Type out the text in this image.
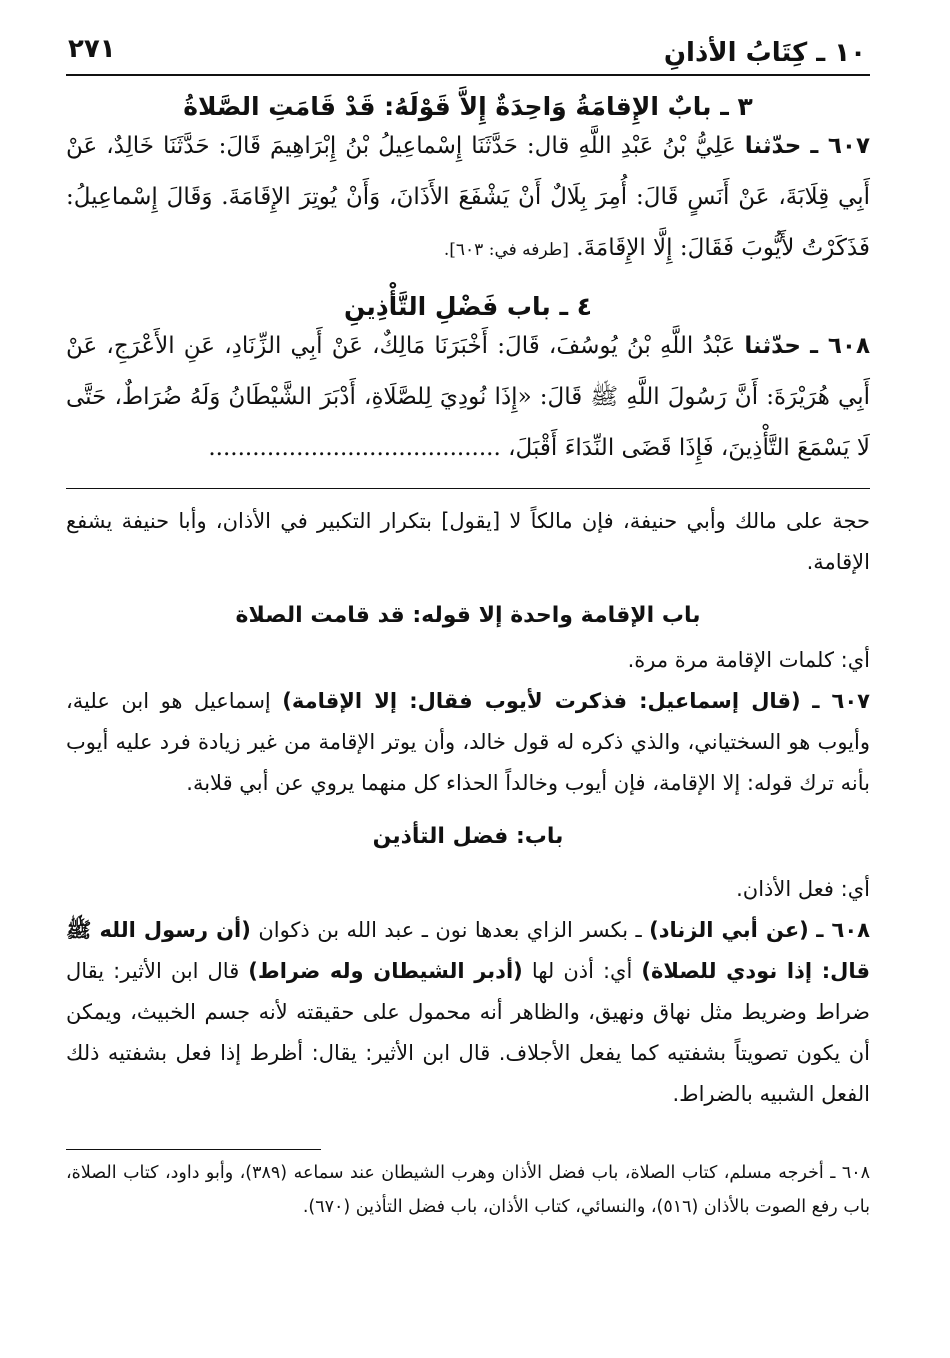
١٠ ـ كِتَابُ الأذانِ
٢٧١
٣ ـ بابٌ الإِقامَةُ وَاحِدَةٌ إِلاَّ قَوْلَهُ: قَدْ قَامَتِ الصَّلاةُ

٦٠٧ ـ حدّثنا عَلِيُّ بْنُ عَبْدِ اللَّهِ قال: حَدَّثَنَا إِسْماعِيلُ بْنُ إِبْرَاهِيمَ قَالَ: حَدَّثَنَا خَالِدٌ، عَنْ أَبِي قِلَابَةَ، عَنْ أَنَسٍ قَالَ: أُمِرَ بِلَالٌ أَنْ يَشْفَعَ الأَذَانَ، وَأَنْ يُوتِرَ الإِقَامَةَ. وَقَالَ إِسْماعِيلُ: فَذَكَرْتُ لأَيُّوبَ فَقَالَ: إِلَّا الإِقَامَةَ. [طرفه في: ٦٠٣].

٤ ـ باب فَضْلِ التَّأْذِينِ

٦٠٨ ـ حدّثنا عَبْدُ اللَّهِ بْنُ يُوسُفَ، قَالَ: أَخْبَرَنَا مَالِكٌ، عَنْ أَبِي الزِّنَادِ، عَنِ الأَعْرَجِ، عَنْ أَبِي هُرَيْرَةَ: أَنَّ رَسُولَ اللَّهِ ﷺ قَالَ: «إِذَا نُودِيَ لِلصَّلَاةِ، أَدْبَرَ الشَّيْطَانُ وَلَهُ ضُرَاطٌ، حَتَّى لَا يَسْمَعَ التَّأْذِينَ، فَإِذَا قَضَى النِّدَاءَ أَقْبَلَ، ........................................

حجة على مالك وأبي حنيفة، فإن مالكاً لا [يقول] بتكرار التكبير في الأذان، وأبا حنيفة يشفع الإقامة.

باب الإقامة واحدة إلا قوله: قد قامت الصلاة

أي: كلمات الإقامة مرة مرة.

٦٠٧ ـ (قال إسماعيل: فذكرت لأيوب فقال: إلا الإقامة) إسماعيل هو ابن علية، وأيوب هو السختياني، والذي ذكره له قول خالد، وأن يوتر الإقامة من غير زيادة فرد عليه أيوب بأنه ترك قوله: إلا الإقامة، فإن أيوب وخالداً الحذاء كل منهما يروي عن أبي قلابة.

باب: فضل التأذين

أي: فعل الأذان.

٦٠٨ ـ (عن أبي الزناد) ـ بكسر الزاي بعدها نون ـ عبد الله بن ذكوان (أن رسول الله ﷺ قال: إذا نودي للصلاة) أي: أذن لها (أدبر الشيطان وله ضراط) قال ابن الأثير: يقال ضراط وضريط مثل نهاق ونهيق، والظاهر أنه محمول على حقيقته لأنه جسم الخبيث، ويمكن أن يكون تصويتاً بشفتيه كما يفعل الأجلاف. قال ابن الأثير: يقال: أظرط إذا فعل بشفتيه ذلك الفعل الشبيه بالضراط.

٦٠٨ ـ أخرجه مسلم، كتاب الصلاة، باب فضل الأذان وهرب الشيطان عند سماعه (٣٨٩)، وأبو داود، كتاب الصلاة، باب رفع الصوت بالأذان (٥١٦)، والنسائي، كتاب الأذان، باب فضل التأذين (٦٧٠).
